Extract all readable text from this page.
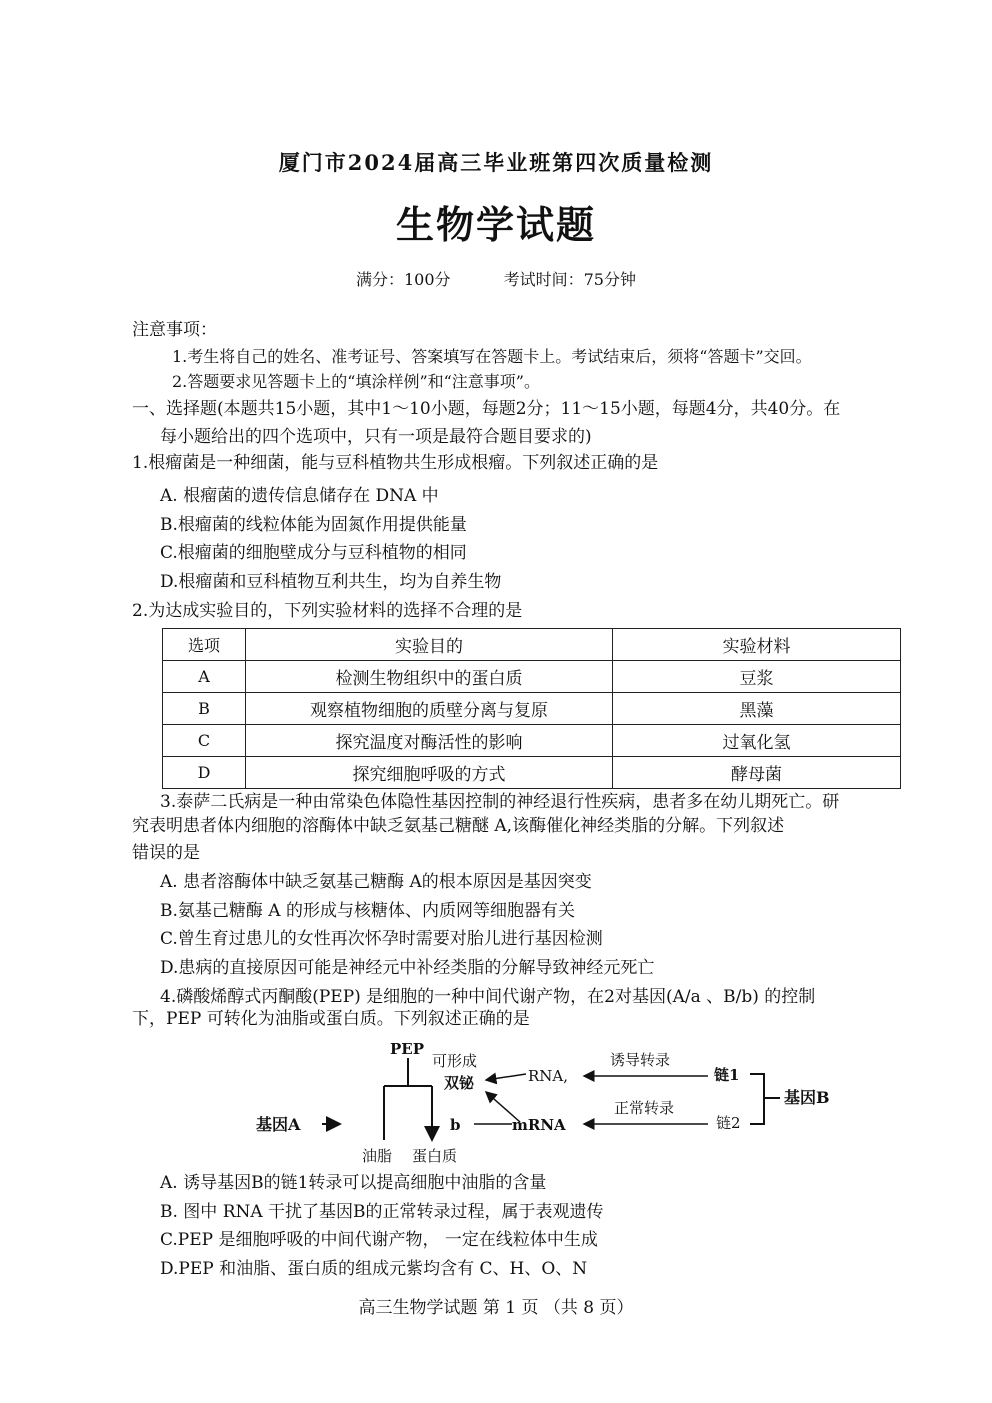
厦门市2024届高三毕业班第四次质量检测
生物学试题
满分：100分	考试时间：75分钟
注意事项：
1.考生将自己的姓名、准考证号、答案填写在答题卡上。考试结束后，须将“答题卡”交回。
2.答题要求见答题卡上的“填涂样例”和“注意事项”。
一、选择题(本题共15小题，其中1～10小题，每题2分；11～15小题，每题4分，共40分。在
每小题给出的四个选项中，只有一项是最符合题目要求的)
1.根瘤菌是一种细菌，能与豆科植物共生形成根瘤。下列叙述正确的是
A. 根瘤菌的遗传信息储存在 DNA 中
B.根瘤菌的线粒体能为固氮作用提供能量
C.根瘤菌的细胞壁成分与豆科植物的相同
D.根瘤菌和豆科植物互利共生，均为自养生物
2.为达成实验目的，下列实验材料的选择不合理的是
选项	实验目的	实验材料
A	检测生物组织中的蛋白质	豆浆
B	观察植物细胞的质壁分离与复原	黑藻
C	探究温度对酶活性的影响	过氧化氢
D	探究细胞呼吸的方式	酵母菌
3.泰萨二氏病是一种由常染色体隐性基因控制的神经退行性疾病，患者多在幼儿期死亡。研
究表明患者体内细胞的溶酶体中缺乏氨基己糖醚 A,该酶催化神经类脂的分解。下列叙述
错误的是
A. 患者溶酶体中缺乏氨基己糖酶 A的根本原因是基因突变
B.氨基己糖酶 A 的形成与核糖体、内质网等细胞器有关
C.曾生育过患儿的女性再次怀孕时需要对胎儿进行基因检测
D.患病的直接原因可能是神经元中补经类脂的分解导致神经元死亡
4.磷酸烯醇式丙酮酸(PEP) 是细胞的一种中间代谢产物，在2对基因(A/a 、B/b) 的控制
下，PEP 可转化为油脂或蛋白质。下列叙述正确的是
PEP
可形成
双铋	RNA,
诱导转录
链1
基因B
正常转录
链2
b	mRNA
基因A
油脂 蛋白质
A. 诱导基因B的链1转录可以提高细胞中油脂的含量
B. 图中 RNA 干扰了基因B的正常转录过程，属于表观遗传
C.PEP 是细胞呼吸的中间代谢产物， 一定在线粒体中生成
D.PEP 和油脂、蛋白质的组成元紫均含有 C、H、O、N
高三生物学试题 第 1 页 （共 8 页）
